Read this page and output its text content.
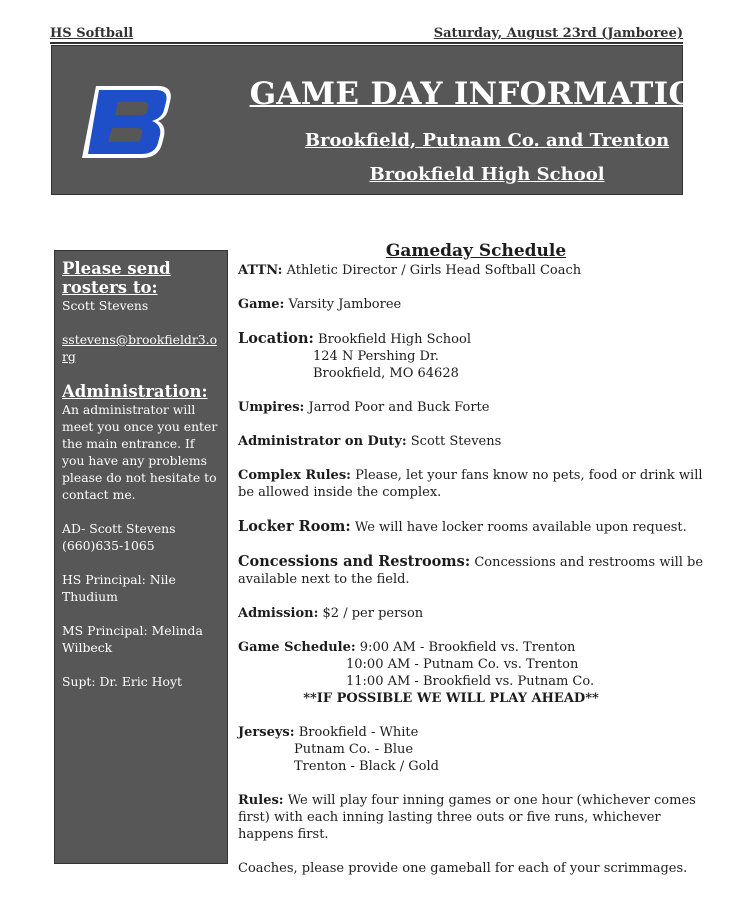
HS Softball	Saturday, August 23rd (Jamboree)
GAME DAY INFORMATION
Brookfield, Putnam Co. and Trenton
Brookfield High School
Please send rosters to:

Scott Stevens

sstevens@brookfieldr3.org

Administration:

An administrator will meet you once you enter the main entrance. If you have any problems please do not hesitate to contact me.

AD- Scott Stevens

(660)635-1065

HS Principal: Nile Thudium

MS Principal: Melinda Wilbeck

Supt: Dr. Eric Hoyt

Gameday Schedule

ATTN: Athletic Director / Girls Head Softball Coach

Game: Varsity Jamboree

Location: Brookfield High School

124 N Pershing Dr.

Brookfield, MO 64628

Umpires: Jarrod Poor and Buck Forte

Administrator on Duty: Scott Stevens

Complex Rules: Please, let your fans know no pets, food or drink will be allowed inside the complex.

Locker Room: We will have locker rooms available upon request.

Concessions and Restrooms: Concessions and restrooms will be available next to the field.

Admission: $2 / per person

Game Schedule: 9:00 AM - Brookfield vs. Trenton

10:00 AM - Putnam Co. vs. Trenton

11:00 AM - Brookfield vs. Putnam Co.

**IF POSSIBLE WE WILL PLAY AHEAD**

Jerseys: Brookfield - White

Putnam Co. - Blue

Trenton - Black / Gold

Rules: We will play four inning games or one hour (whichever comes first) with each inning lasting three outs or five runs, whichever happens first.

Coaches, please provide one gameball for each of your scrimmages.
